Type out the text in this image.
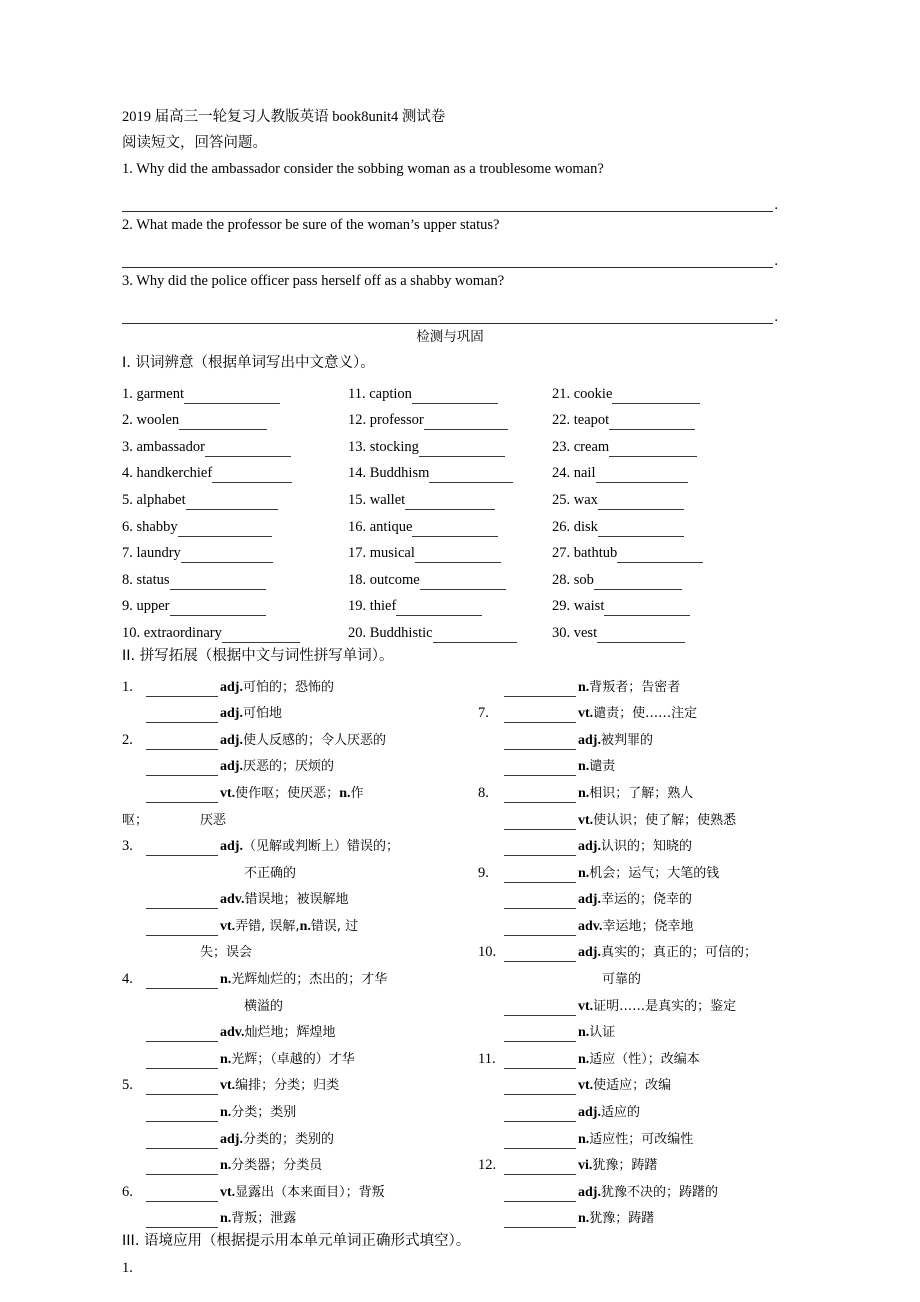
2019 届高三一轮复习人教版英语 book8unit4 测试卷
阅读短文，回答问题。
1. Why did the ambassador consider the sobbing woman as a troublesome woman?
.
2. What made the professor be sure of the woman’s upper status?
.
3. Why did the police officer pass herself off as a shabby woman?
.
检测与巩固
I. 识词辨意（根据单词写出中文意义）。
1. garment	11. caption	21. cookie
2. woolen	12. professor	22. teapot
3. ambassador	13. stocking	23. cream
4. handkerchief	14. Buddhism	24. nail
5. alphabet	15. wallet	25. wax
6. shabby	16. antique	26. disk
7. laundry	17. musical	27. bathtub
8. status	18. outcome	28. sob
9. upper	19. thief	29. waist
10. extraordinary	20. Buddhistic	30. vest
II. 拼写拓展（根据中文与词性拼写单词）。
1.	adj. 可怕的；恐怖的
adj. 可怕地
2.	adj. 使人反感的；令人厌恶的
adj. 厌恶的；厌烦的
vt. 使作呕；使厌恶； n. 作
呕；	厌恶
3.	adj. （见解或判断上）错误的；
不正确的
adv. 错误地；被误解地
vt. 弄错, 误解, n. 错误, 过
失；误会
4.	n. 光辉灿烂的；杰出的；才华
横溢的
adv. 灿烂地；辉煌地
n. 光辉；（卓越的）才华
5.	vt. 编排；分类；归类
n. 分类；类别
adj. 分类的；类别的
n. 分类器；分类员
6.	vt. 显露出（本来面目）；背叛
n. 背叛；泄露
n. 背叛者；告密者
7.	vt. 谴责；使……注定
adj. 被判罪的
n. 谴责
8.	n. 相识；了解；熟人
vt. 使认识；使了解；使熟悉
adj. 认识的；知晓的
9.	n. 机会；运气；大笔的钱
adj. 幸运的；侥幸的
adv. 幸运地；侥幸地
10.	adj. 真实的；真正的；可信的；
可靠的
vt. 证明……是真实的；鉴定
n. 认证
11.	n. 适应（性）；改编本
vt. 使适应；改编
adj. 适应的
n. 适应性；可改编性
12.	vi. 犹豫；踌躇
adj. 犹豫不决的；踌躇的
n. 犹豫；踌躇
III. 语境应用（根据提示用本单元单词正确形式填空）。
1.
